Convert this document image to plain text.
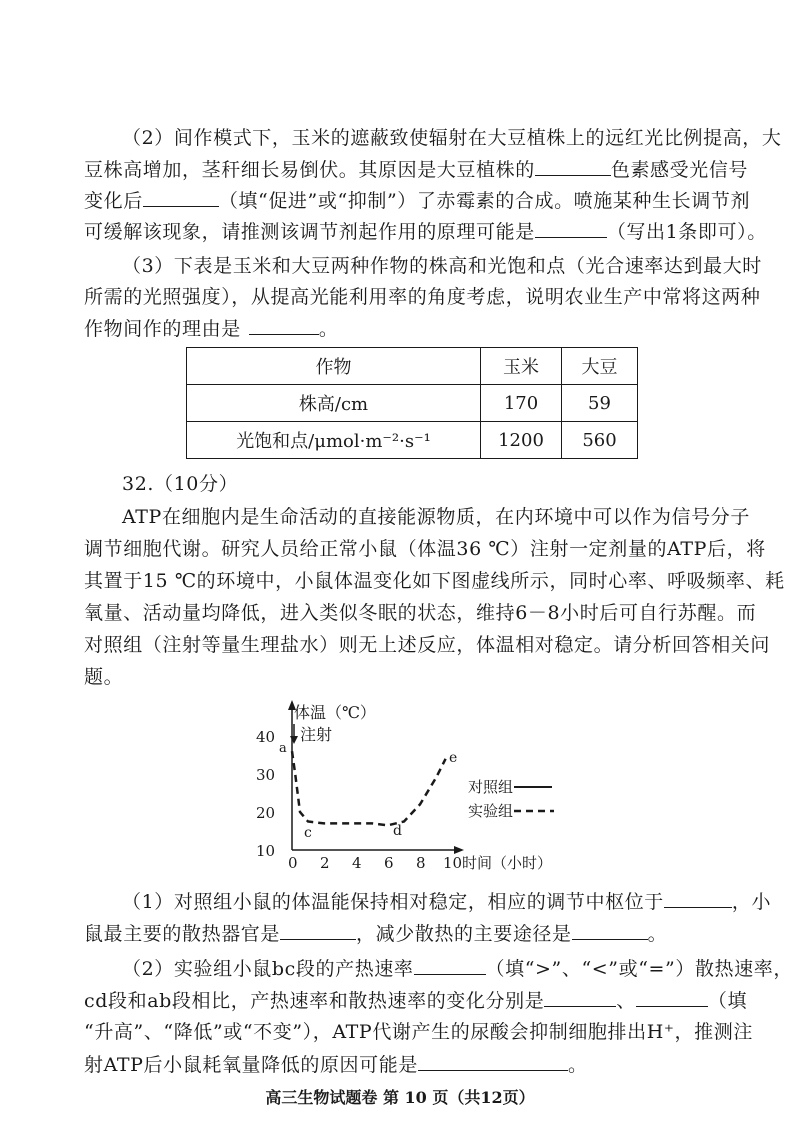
（2）间作模式下，玉米的遮蔽致使辐射在大豆植株上的远红光比例提高，大
豆株高增加，茎秆细长易倒伏。其原因是大豆植株的	色素感受光信号
变化后	（填“促进”或“抑制”）了赤霉素的合成。喷施某种生长调节剂
可缓解该现象，请推测该调节剂起作用的原理可能是	（写出1条即可）。
（3）下表是玉米和大豆两种作物的株高和光饱和点（光合速率达到最大时
所需的光照强度），从提高光能利用率的角度考虑，说明农业生产中常将这两种
作物间作的理由是	。
作物	玉米	大豆
株高/cm	170	59
光饱和点/μmol·m⁻²·s⁻¹	1200	560
32.（10分）
ATP在细胞内是生命活动的直接能源物质，在内环境中可以作为信号分子
调节细胞代谢。研究人员给正常小鼠（体温36 ℃）注射一定剂量的ATP后，将
其置于15 ℃的环境中，小鼠体温变化如下图虚线所示，同时心率、呼吸频率、耗
氧量、活动量均降低，进入类似冬眠的状态，维持6－8小时后可自行苏醒。而
对照组（注射等量生理盐水）则无上述反应，体温相对稳定。请分析回答相关问
题。
体温（℃）
时间（小时）
注射
10
20
30
40
0 2 4 6 8 10
a
c	d
e
对照组
实验组
（1）对照组小鼠的体温能保持相对稳定，相应的调节中枢位于	，小
鼠最主要的散热器官是	，减少散热的主要途径是	。
（2）实验组小鼠bc段的产热速率	（填“>”、“<”或“=”）散热速率，
cd段和ab段相比，产热速率和散热速率的变化分别是	、	（填
“升高”、“降低”或“不变”），ATP代谢产生的尿酸会抑制细胞排出H⁺，推测注
射ATP后小鼠耗氧量降低的原因可能是	。
高三生物试题卷 第 10 页（共12页）
